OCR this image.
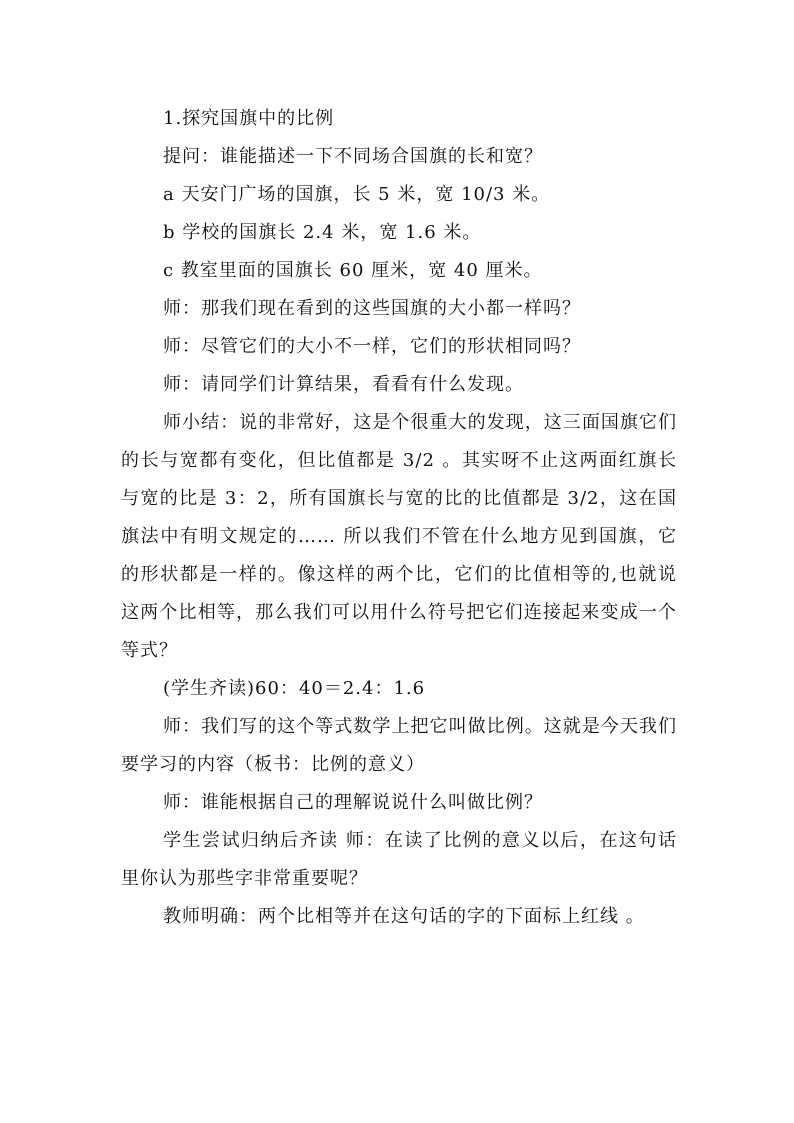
1.探究国旗中的比例

提问：谁能描述一下不同场合国旗的长和宽？

a 天安门广场的国旗，长 5 米，宽 10/3 米。

b 学校的国旗长 2.4 米，宽 1.6 米。

c 教室里面的国旗长 60 厘米，宽 40 厘米。

师：那我们现在看到的这些国旗的大小都一样吗？

师：尽管它们的大小不一样，它们的形状相同吗？

师：请同学们计算结果，看看有什么发现。

师小结：说的非常好，这是个很重大的发现，这三面国旗它们的长与宽都有变化，但比值都是 3/2 。其实呀不止这两面红旗长与宽的比是 3：2，所有国旗长与宽的比的比值都是 3/2，这在国旗法中有明文规定的…… 所以我们不管在什么地方见到国旗，它的形状都是一样的。像这样的两个比，它们的比值相等的,也就说这两个比相等，那么我们可以用什么符号把它们连接起来变成一个等式？

(学生齐读)60：40＝2.4：1.6

师：我们写的这个等式数学上把它叫做比例。这就是今天我们要学习的内容（板书：比例的意义）

师：谁能根据自己的理解说说什么叫做比例？

学生尝试归纳后齐读 师：在读了比例的意义以后，在这句话里你认为那些字非常重要呢？

教师明确：两个比相等并在这句话的字的下面标上红线 。
